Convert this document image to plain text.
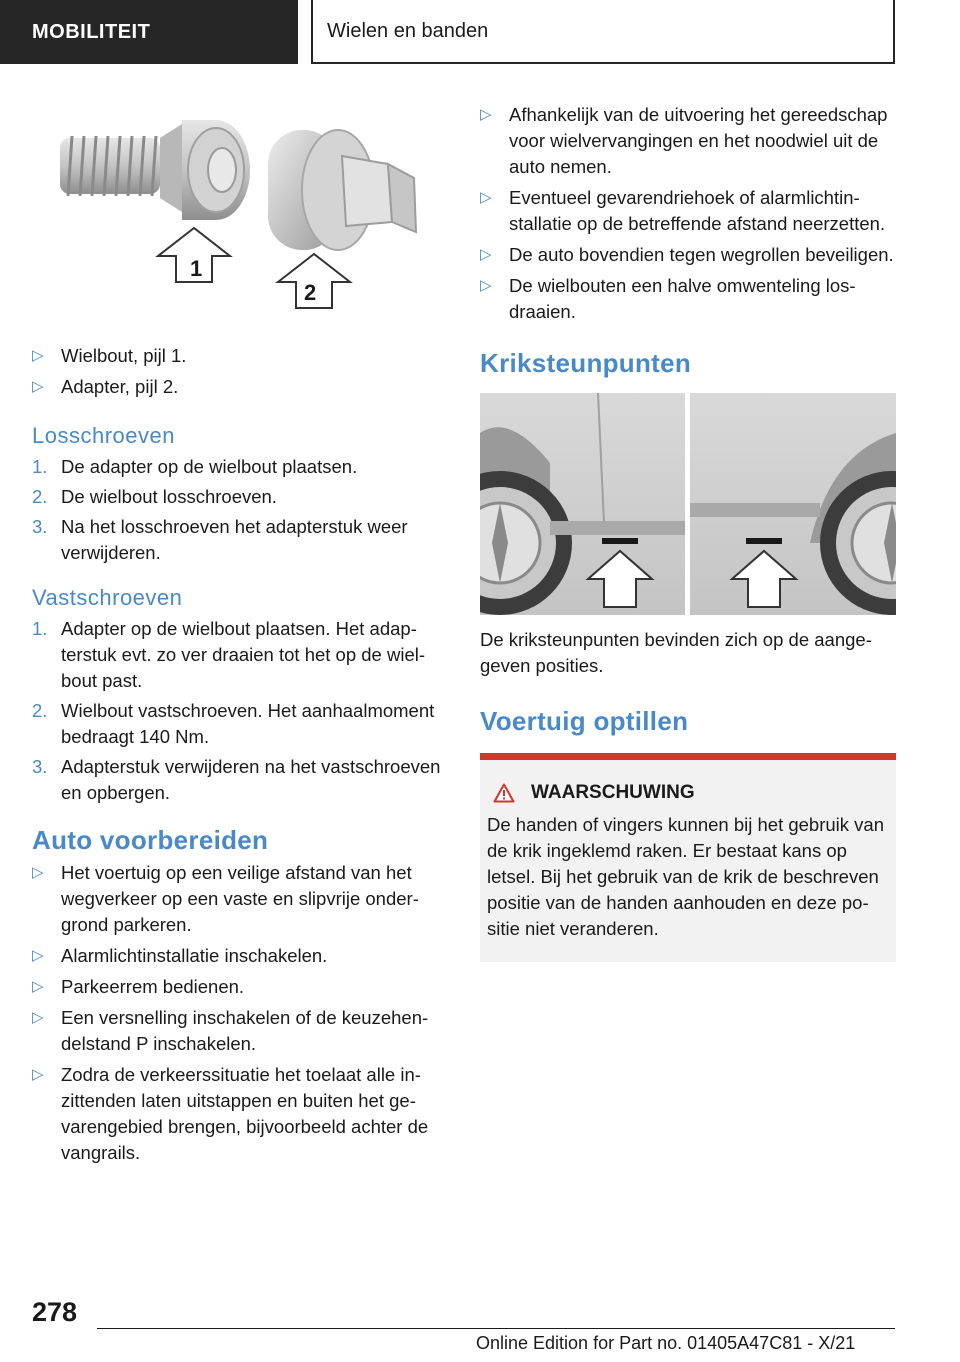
MOBILITEIT	Wielen en banden
1
2
▷ Wielbout, pijl 1.
▷ Adapter, pijl 2.
Losschroeven
1. De adapter op de wielbout plaatsen.
2. De wielbout losschroeven.
3. Na het losschroeven het adapterstuk weer verwijderen.
Vastschroeven
1. Adapter op de wielbout plaatsen. Het adapterstuk evt. zo ver draaien tot het op de wielbout past.
2. Wielbout vastschroeven. Het aanhaalmoment bedraagt 140 Nm.
3. Adapterstuk verwijderen na het vastschroeven en opbergen.
Auto voorbereiden
▷ Het voertuig op een veilige afstand van het wegverkeer op een vaste en slipvrije ondergrond parkeren.
▷ Alarmlichtinstallatie inschakelen.
▷ Parkeerrem bedienen.
▷ Een versnelling inschakelen of de keuzehendelstand P inschakelen.
▷ Zodra de verkeerssituatie het toelaat alle inzittenden laten uitstappen en buiten het gevarengebied brengen, bijvoorbeeld achter de vangrails.
▷ Afhankelijk van de uitvoering het gereedschap voor wielvervangingen en het noodwiel uit de auto nemen.
▷ Eventueel gevarendriehoek of alarmlichtinstallatie op de betreffende afstand neerzetten.
▷ De auto bovendien tegen wegrollen beveiligen.
▷ De wielbouten een halve omwenteling losdraaien.
Kriksteunpunten

De kriksteunpunten bevinden zich op de aangegeven posities.

Voertuig optillen
WAARSCHUWING
De handen of vingers kunnen bij het gebruik van de krik ingeklemd raken. Er bestaat kans op letsel. Bij het gebruik van de krik de beschreven positie van de handen aanhouden en deze positie niet veranderen.
278
Online Edition for Part no. 01405A47C81 - X/21
